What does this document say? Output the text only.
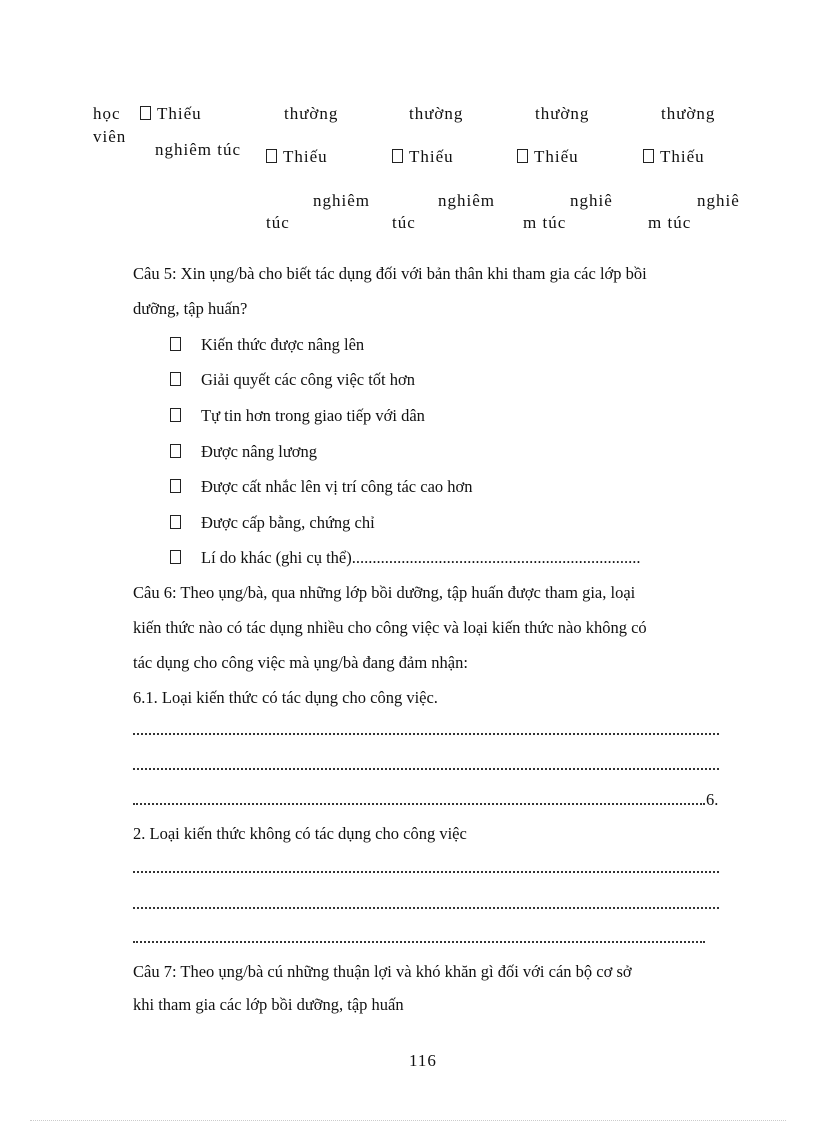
học
viên
Thiếu
nghiêm túc
thường
Thiếu
nghiêm
túc
thường
Thiếu
nghiêm
túc
thường
Thiếu
nghiê
m túc
thường
Thiếu
nghiê
m túc
Câu 5: Xin ụng/bà cho biết tác dụng đối với bản thân khi tham gia các lớp bồi
dưỡng, tập huấn?
Kiến thức được nâng lên
Giải quyết các công việc tốt hơn
Tự tin hơn trong giao tiếp với dân
Được nâng lương
Được cất nhắc lên vị trí công tác cao hơn
Được cấp bằng, chứng chỉ
Lí do khác (ghi cụ thể)......................................................................
Câu 6: Theo ụng/bà, qua những lớp bồi dưỡng, tập huấn được tham gia, loại
kiến thức nào có tác dụng nhiều cho công việc và loại kiến thức nào không có
tác dụng cho công việc mà ụng/bà đang đảm nhận:
6.1. Loại kiến thức có tác dụng cho công việc.
6.
2. Loại kiến thức không có tác dụng cho công việc
Câu 7: Theo ụng/bà cú những thuận lợi và khó khăn gì đối với cán bộ cơ sở
khi tham gia các lớp bồi dưỡng, tập huấn
116
